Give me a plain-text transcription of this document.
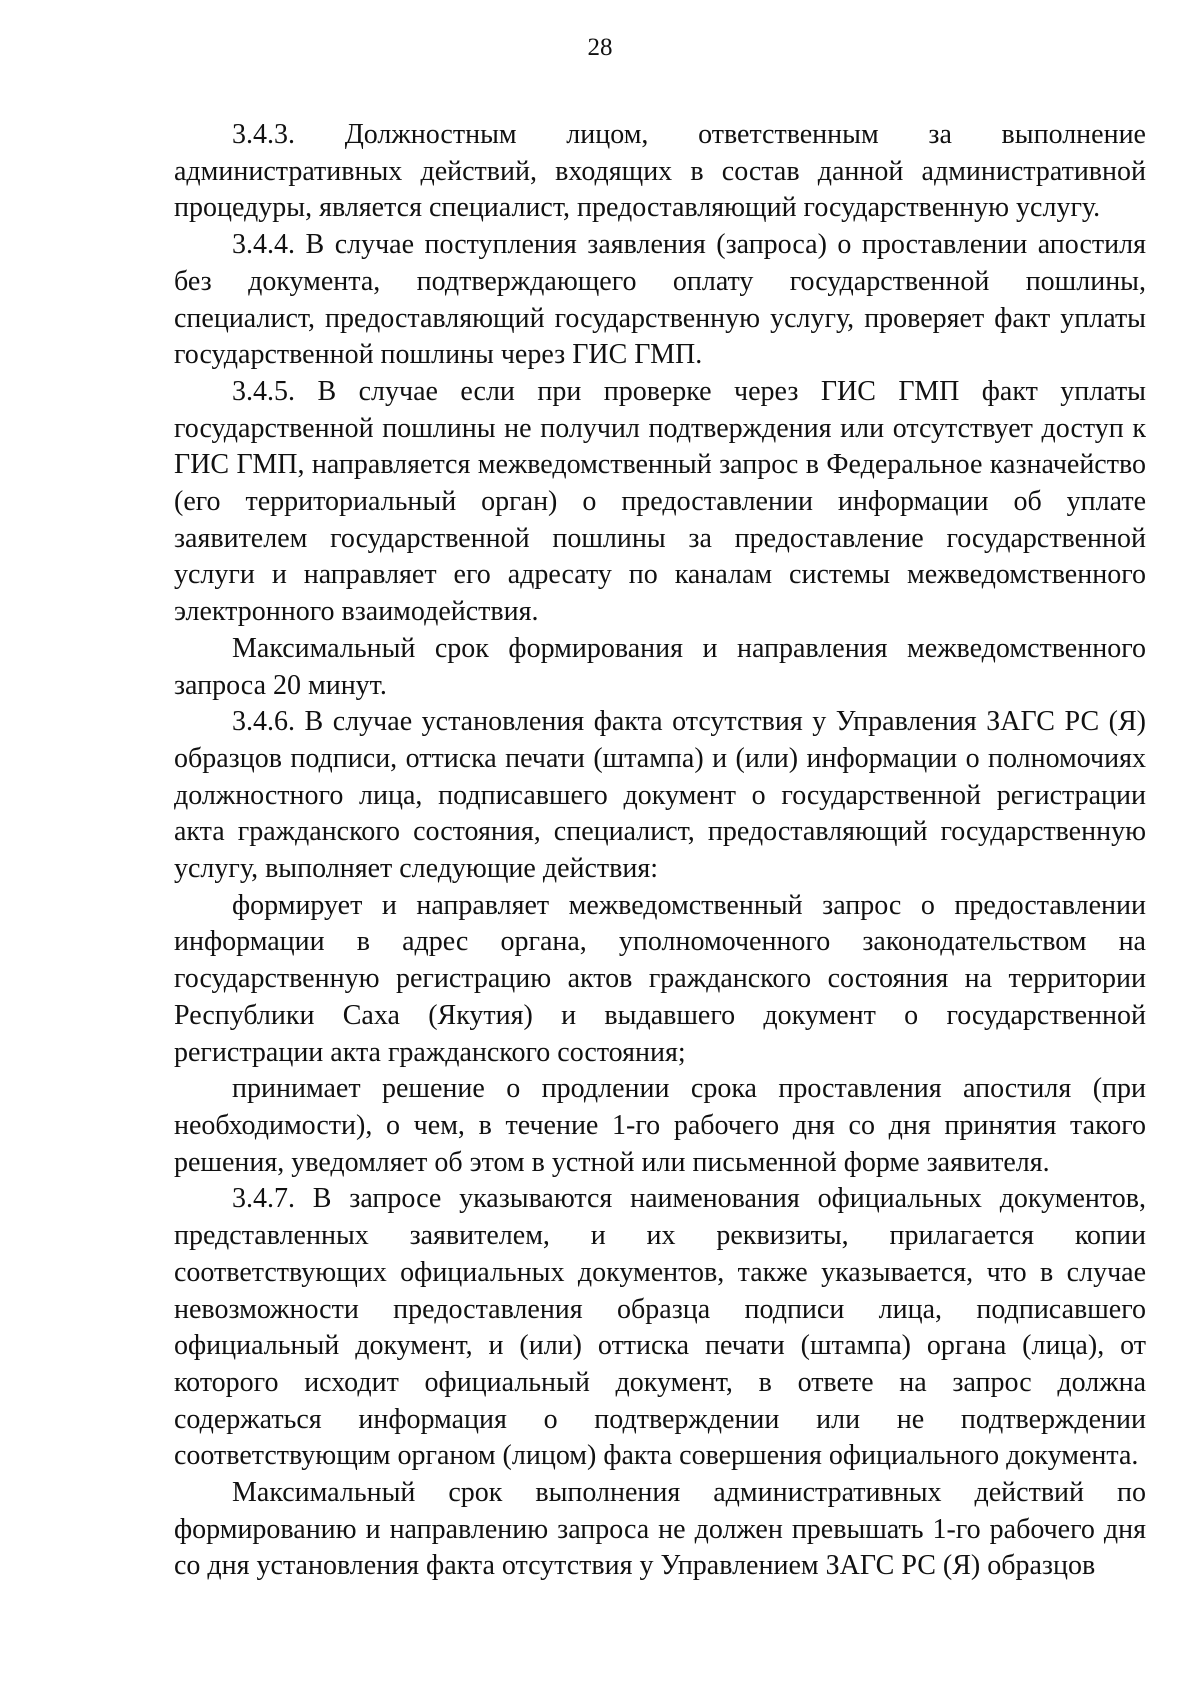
28

3.4.3. Должностным лицом, ответственным за выполнение административных действий, входящих в состав данной административной процедуры, является специалист, предоставляющий государственную услугу.

3.4.4. В случае поступления заявления (запроса) о проставлении апостиля без документа, подтверждающего оплату государственной пошлины, специалист, предоставляющий государственную услугу, проверяет факт уплаты государственной пошлины через ГИС ГМП.

3.4.5. В случае если при проверке через ГИС ГМП факт уплаты государственной пошлины не получил подтверждения или отсутствует доступ к ГИС ГМП, направляется межведомственный запрос в Федеральное казначейство (его территориальный орган) о предоставлении информации об уплате заявителем государственной пошлины за предоставление государственной услуги и направляет его адресату по каналам системы межведомственного электронного взаимодействия.

Максимальный срок формирования и направления межведомственного запроса 20 минут.

3.4.6. В случае установления факта отсутствия у Управления ЗАГС РС (Я) образцов подписи, оттиска печати (штампа) и (или) информации о полномочиях должностного лица, подписавшего документ о государственной регистрации акта гражданского состояния, специалист, предоставляющий государственную услугу, выполняет следующие действия:

формирует и направляет межведомственный запрос о предоставлении информации в адрес органа, уполномоченного законодательством на государственную регистрацию актов гражданского состояния на территории Республики Саха (Якутия) и выдавшего документ о государственной регистрации акта гражданского состояния;

принимает решение о продлении срока проставления апостиля (при необходимости), о чем, в течение 1-го рабочего дня со дня принятия такого решения, уведомляет об этом в устной или письменной форме заявителя.

3.4.7. В запросе указываются наименования официальных документов, представленных заявителем, и их реквизиты, прилагается копии соответствующих официальных документов, также указывается, что в случае невозможности предоставления образца подписи лица, подписавшего официальный документ, и (или) оттиска печати (штампа) органа (лица), от которого исходит официальный документ, в ответе на запрос должна содержаться информация о подтверждении или не подтверждении соответствующим органом (лицом) факта совершения официального документа.

Максимальный срок выполнения административных действий по формированию и направлению запроса не должен превышать 1-го рабочего дня со дня установления факта отсутствия у Управлением ЗАГС РС (Я) образцов
